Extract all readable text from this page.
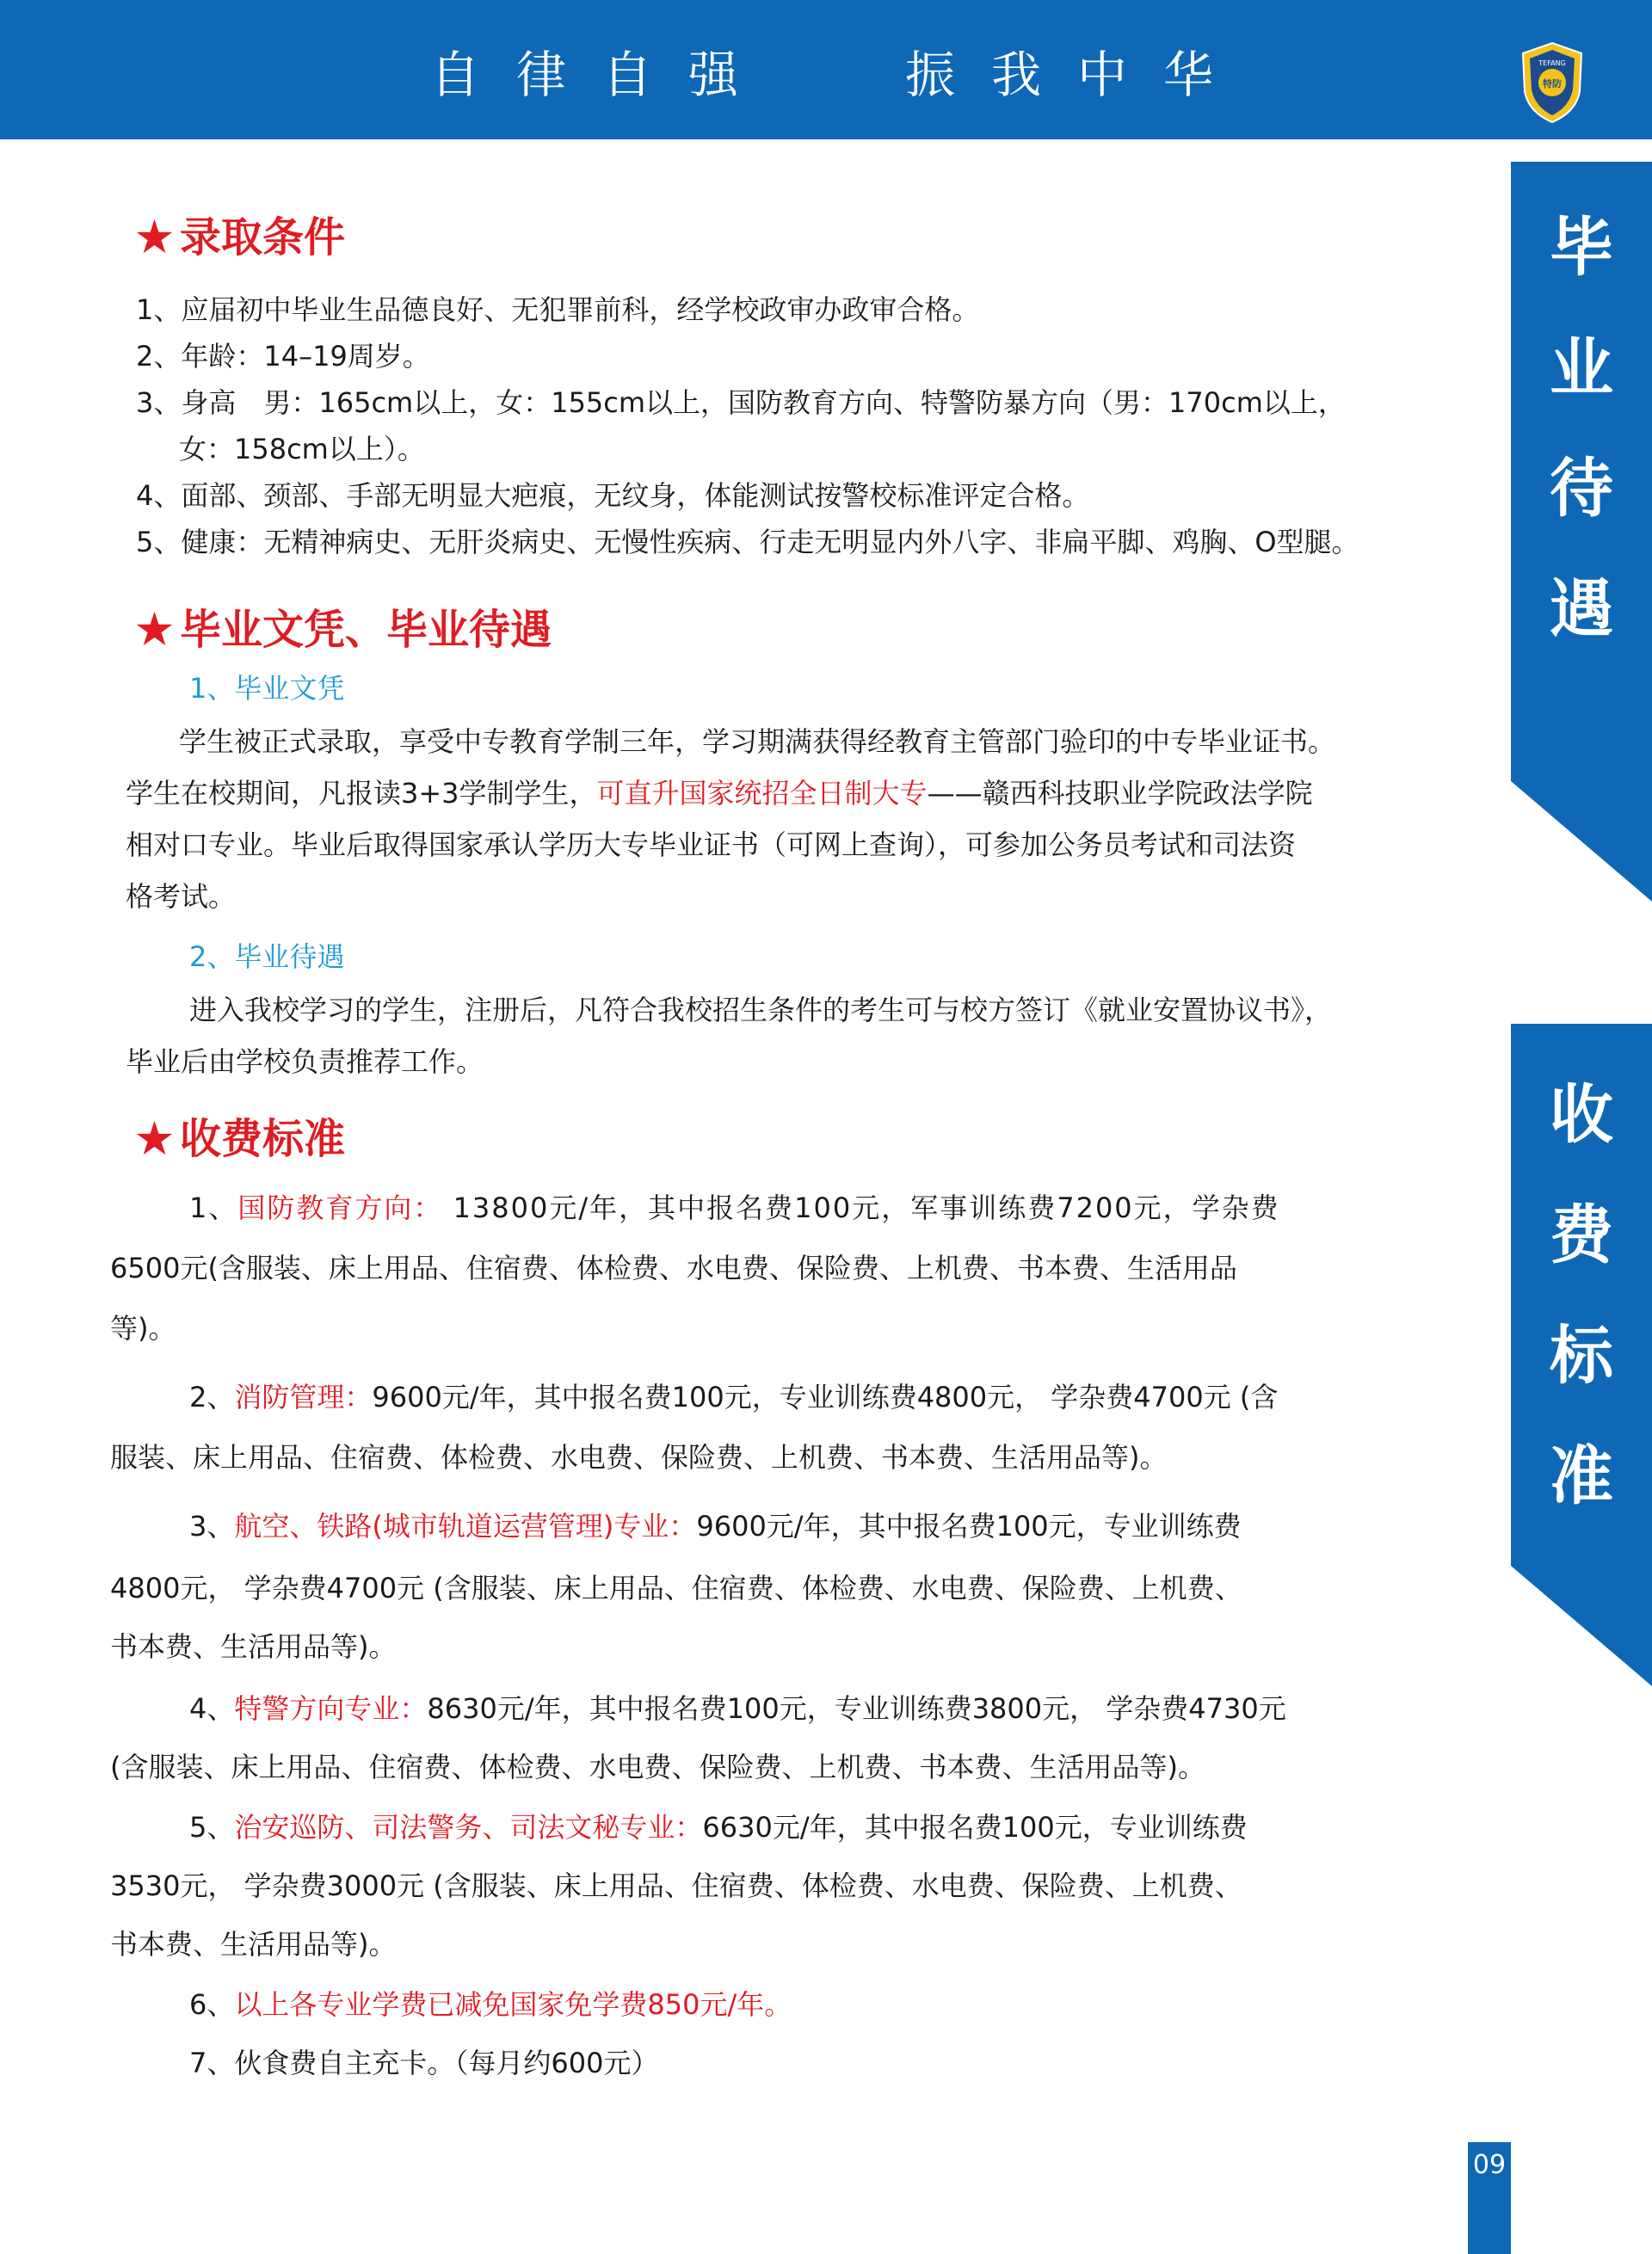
自律自强	振我中华	TEFANG
特防
毕
业
待
遇
收
费
标
准
★ 录取条件
1、应届初中毕业生品德良好、无犯罪前科，经学校政审办政审合格。
2、年龄：14–19周岁。
3、身高　男：165cm以上，女：155cm以上，国防教育方向、特警防暴方向（男：170cm以上，
女：158cm以上）。
4、面部、颈部、手部无明显大疤痕，无纹身，体能测试按警校标准评定合格。
5、健康：无精神病史、无肝炎病史、无慢性疾病、行走无明显内外八字、非扁平脚、鸡胸、O型腿。
★ 毕业文凭、毕业待遇
1、毕业文凭
学生被正式录取，享受中专教育学制三年，学习期满获得经教育主管部门验印的中专毕业证书。
学生在校期间，凡报读3+3学制学生，可直升国家统招全日制大专——赣西科技职业学院政法学院
相对口专业。毕业后取得国家承认学历大专毕业证书（可网上查询），可参加公务员考试和司法资
格考试。
2、毕业待遇
进入我校学习的学生，注册后，凡符合我校招生条件的考生可与校方签订《就业安置协议书》，
毕业后由学校负责推荐工作。
★ 收费标准
1、国防教育方向： 13800元/年，其中报名费100元，军事训练费7200元，学杂费
6500元(含服装、床上用品、住宿费、体检费、水电费、保险费、上机费、书本费、生活用品
等)。
2、消防管理：9600元/年，其中报名费100元，专业训练费4800元， 学杂费4700元 (含
服装、床上用品、住宿费、体检费、水电费、保险费、上机费、书本费、生活用品等)。
3、航空、铁路(城市轨道运营管理)专业：9600元/年，其中报名费100元，专业训练费
4800元， 学杂费4700元 (含服装、床上用品、住宿费、体检费、水电费、保险费、上机费、
书本费、生活用品等)。
4、特警方向专业：8630元/年，其中报名费100元，专业训练费3800元， 学杂费4730元
(含服装、床上用品、住宿费、体检费、水电费、保险费、上机费、书本费、生活用品等)。
5、治安巡防、司法警务、司法文秘专业：6630元/年，其中报名费100元，专业训练费
3530元， 学杂费3000元 (含服装、床上用品、住宿费、体检费、水电费、保险费、上机费、
书本费、生活用品等)。
6、以上各专业学费已减免国家免学费850元/年。
7、伙食费自主充卡。（每月约600元）
09
